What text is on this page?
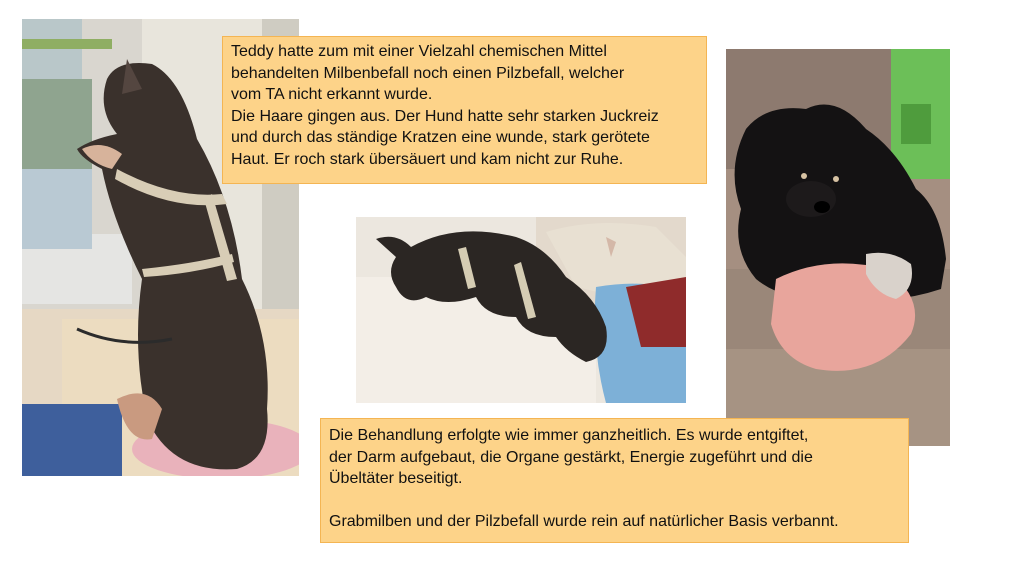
Teddy hatte zum mit einer Vielzahl chemischen Mittel
behandelten Milbenbefall noch einen Pilzbefall, welcher
vom TA nicht erkannt wurde.

Die Haare gingen aus. Der Hund hatte sehr starken Juckreiz
und durch das ständige Kratzen eine wunde, stark gerötete
Haut. Er roch stark übersäuert und kam nicht zur Ruhe.

Die Behandlung erfolgte wie immer ganzheitlich. Es wurde entgiftet,
der Darm aufgebaut, die Organe gestärkt, Energie zugeführt und die
Übeltäter beseitigt.

Grabmilben und der Pilzbefall wurde rein auf natürlicher Basis verbannt.
